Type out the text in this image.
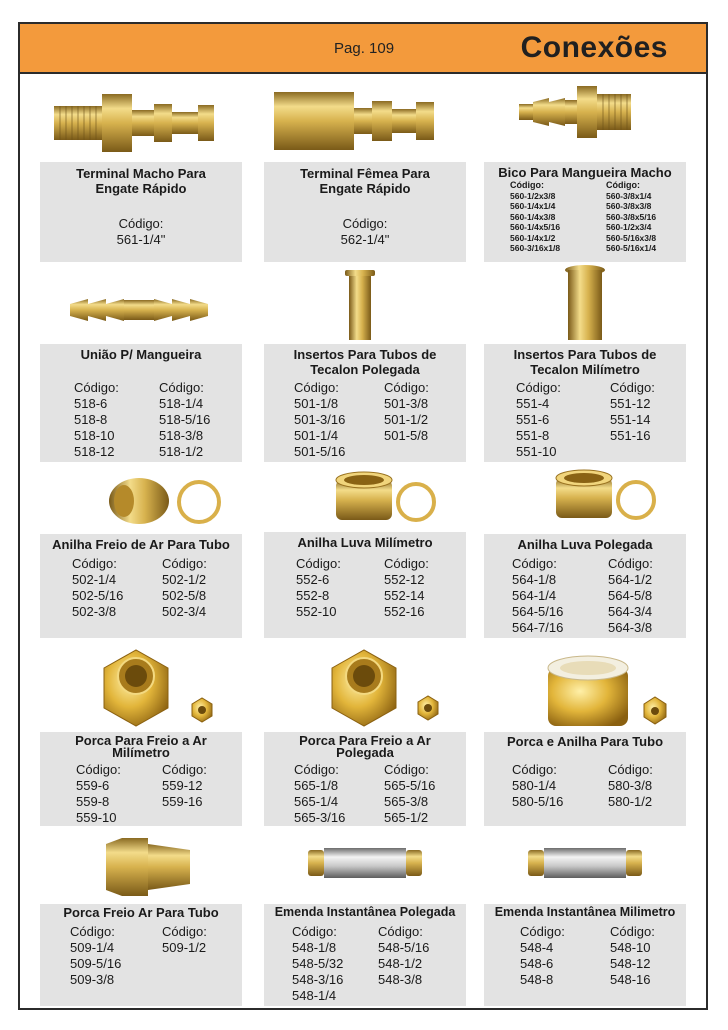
Pag. 109	Conexões
Terminal Macho Para
Engate Rápido
Código:
561-1/4"
Terminal Fêmea Para
Engate Rápido
Código:
562-1/4"
Bico Para Mangueira Macho
Código:
560-1/2x3/8
560-1/4x1/4
560-1/4x3/8
560-1/4x5/16
560-1/4x1/2
560-3/16x1/8
Código:
560-3/8x1/4
560-3/8x3/8
560-3/8x5/16
560-1/2x3/4
560-5/16x3/8
560-5/16x1/4
União P/ Mangueira
Código:
518-6
518-8
518-10
518-12
Código:
518-1/4
518-5/16
518-3/8
518-1/2
Insertos Para Tubos de
Tecalon Polegada
Código:
501-1/8
501-3/16
501-1/4
501-5/16
Código:
501-3/8
501-1/2
501-5/8
Insertos Para Tubos de
Tecalon Milímetro
Código:
551-4
551-6
551-8
551-10
Código:
551-12
551-14
551-16
Anilha Freio de Ar Para Tubo
Código:
502-1/4
502-5/16
502-3/8
Código:
502-1/2
502-5/8
502-3/4
Anilha Luva Milímetro
Código:
552-6
552-8
552-10
Código:
552-12
552-14
552-16
Anilha Luva Polegada
Código:
564-1/8
564-1/4
564-5/16
564-7/16
Código:
564-1/2
564-5/8
564-3/4
564-3/8
Porca Para Freio a Ar
Milímetro
Código:
559-6
559-8
559-10
Código:
559-12
559-16
Porca Para Freio a Ar
Polegada
Código:
565-1/8
565-1/4
565-3/16
Código:
565-5/16
565-3/8
565-1/2
Porca e Anilha Para Tubo
Código:
580-1/4
580-5/16
Código:
580-3/8
580-1/2
Porca Freio Ar Para Tubo
Código:
509-1/4
509-5/16
509-3/8
Código:
509-1/2
Emenda Instantânea Polegada
Código:
548-1/8
548-5/32
548-3/16
548-1/4
Código:
548-5/16
548-1/2
548-3/8
Emenda Instantânea Milimetro
Código:
548-4
548-6
548-8
Código:
548-10
548-12
548-16
